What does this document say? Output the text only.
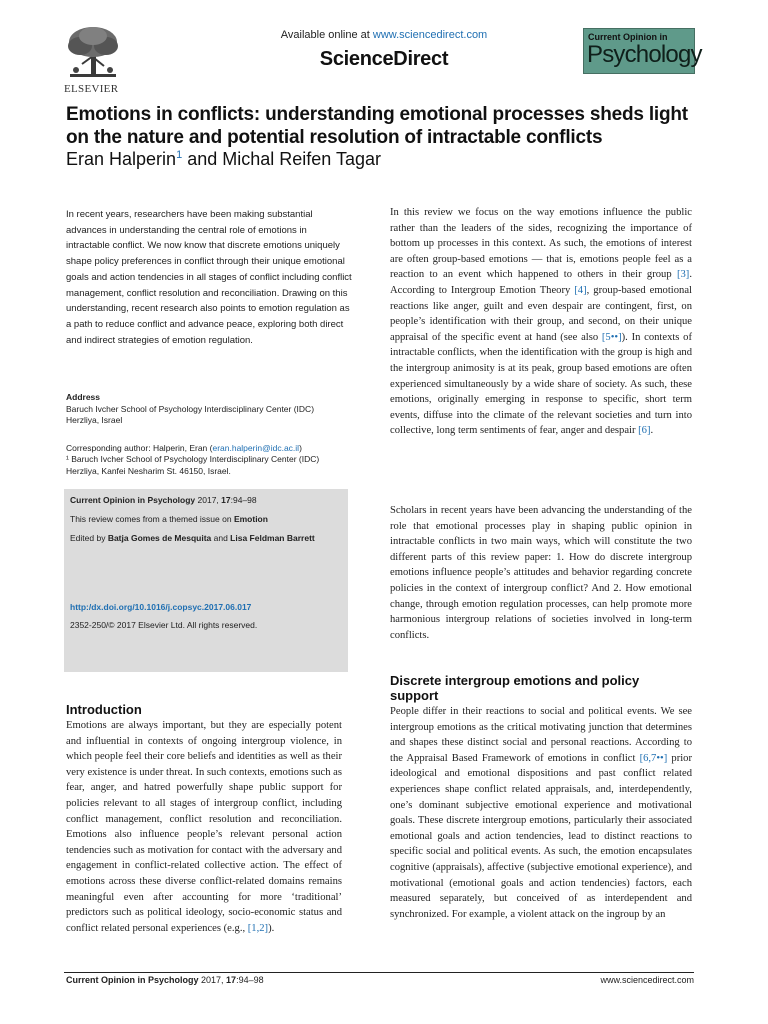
ELSEVIER
Available online at www.sciencedirect.com
ScienceDirect
Current Opinion in
Psychology
Emotions in conflicts: understanding emotional processes sheds light on the nature and potential resolution of intractable conflicts
Eran Halperin$^1$ and Michal Reifen Tagar

In recent years, researchers have been making substantial advances in understanding the central role of emotions in intractable conflict. We now know that discrete emotions uniquely shape policy preferences in conflict through their unique emotional goals and action tendencies in all stages of conflict including conflict management, conflict resolution and reconciliation. Drawing on this understanding, recent research also points to emotion regulation as a path to reduce conflict and advance peace, exploring both direct and indirect strategies of emotion regulation.

Address
Baruch Ivcher School of Psychology Interdisciplinary Center (IDC)
Herzliya, Israel
Corresponding author: Halperin, Eran (eran.halperin@idc.ac.il)
¹ Baruch Ivcher School of Psychology Interdisciplinary Center (IDC)
Herzliya, Kanfei Nesharim St. 46150, Israel.
Current Opinion in Psychology 2017, 17:94–98
This review comes from a themed issue on Emotion
Edited by Batja Gomes de Mesquita and Lisa Feldman Barrett
http:/dx.doi.org/10.1016/j.copsyc.2017.06.017
2352-250/© 2017 Elsevier Ltd. All rights reserved.
Introduction

Emotions are always important, but they are especially potent and influential in contexts of ongoing intergroup violence, in which people feel their core beliefs and identities as well as their very existence is under threat. In such contexts, emotions such as fear, anger, and hatred powerfully shape public support for policies relevant to all stages of intergroup conflict, including conflict management, conflict resolution and reconciliation. Emotions also influence people’s relevant personal action tendencies such as motivation for contact with the adversary and engagement in conflict-related collective action. The effect of emotions across these diverse conflict-related domains remains meaningful even after accounting for more ‘traditional’ predictors such as political ideology, socio-economic status and conflict related personal experiences (e.g., [1,2]).

In this review we focus on the way emotions influence the public rather than the leaders of the sides, recognizing the importance of bottom up processes in this context. As such, the emotions of interest are often group-based emotions — that is, emotions people feel as a reaction to an event which happened to others in their group [3]. According to Intergroup Emotion Theory [4], group-based emotional reactions like anger, guilt and even despair are contingent, first, on people’s identification with their group, and second, on their unique appraisal of the specific event at hand (see also [5••]). In contexts of intractable conflicts, when the identification with the group is high and the intergroup animosity is at its peak, group based emotions are often experienced simultaneously by a wide share of society. As such, these emotions, originally emerging in response to specific, short term events, diffuse into the climate of the relevant societies and turn into collective, long term sentiments of fear, anger and despair [6].

Scholars in recent years have been advancing the understanding of the role that emotional processes play in shaping public opinion in intractable conflicts in two main ways, which will constitute the two different parts of this review paper: 1. How do discrete intergroup emotions influence people’s attitudes and behavior regarding concrete policies in the context of intergroup conflict? And 2. How emotional change, through emotion regulation processes, can help promote more harmonious intergroup relations of societies involved in long-term conflicts.

Discrete intergroup emotions and policy support

People differ in their reactions to social and political events. We see intergroup emotions as the critical motivating junction that determines and shapes these distinct social and personal reactions. According to the Appraisal Based Framework of emotions in conflict [6,7••] prior ideological and emotional dispositions and past conflict related experiences shape conflict related appraisals, and, interdependently, one’s dominant subjective emotional experience and motivational goals. These discrete intergroup emotions, particularly their associated emotional goals and action tendencies, lead to distinct reactions to specific social and political events. As such, the emotion encapsulates cognitive (appraisals), affective (subjective emotional experience), and motivational (emotional goals and action tendencies) factors, each measured separately, but conceived of as interdependent and synchronized. For example, a violent attack on the ingroup by an

Current Opinion in Psychology 2017, 17:94–98	www.sciencedirect.com
